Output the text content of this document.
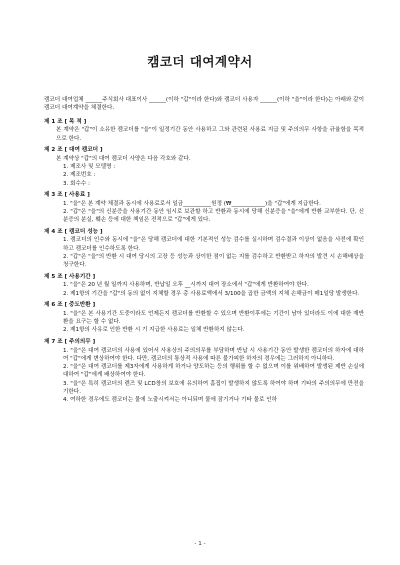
캠코더 대여계약서
캠코더 대여업체 ______주식회사 대표이사 ______(이하 "갑"이라 한다)와 캠코더 사용자 ______(이하 "을"이라 한다)는 아래와 같이 캠코더 대여계약을 체결한다.
제 1 조 [ 목 적 ]
본 계약은 "갑"이 소유한 캠코더를 "을"이 일정기간 동안 사용하고 그와 관련된 사용료 지급 및 주의의무 사항을 규율함을 목적으로 한다.
제 2 조 [ 대여 캠코더 ]
본 계약상 "갑"의 대여 캠코더 사양은 다음 각호와 같다.
1. 제조사 및 모델명 :
2. 제조번호 :
3. 회수수 :
제 3 조 [ 사용료 ]
1. "을"은 본 계약 체결과 동시에 사용료로서 일금__________원정 (₩____________)을 "갑"에게 지급한다.
2. "갑"은 "을"의 신분증을 사용기간 동안 임시로 보관할 하고 반환과 동시에 당해 신분증을 "을"에게 반환 교부한다. 단, 신분증의 분실, 훼손 등에 대한 책임은 전적으로 "갑"에게 있다.
제 4 조 [ 캠코더 성능 ]
1. 캠코더의 인수와 동시에 "을"은 당해 캠코더에 대한 기본적인 성능 검수를 실시하며 검수결과 이상이 없음을 사전에 확인하고 캠코더를 인수하도록 한다.
2. "갑"은 "을"의 반환 시 대여 당시의 고장 등 성능과 상이한 점이 없는 지를 검수하고 반환받고 하자의 발견 시 손해배상을 청구한다.
제 5 조 [ 사용기간 ]
1. "을"은 20 년 월 일까지 사용하며, 반납일 오후 __시까지 대여 장소에서 "갑"에게 반환하여야 한다.
2. 제1항의 기간을 "갑"의 동의 없이 지체할 경우 총 사용료액에서 3/100을 곱한 금액의 지체 손해금이 매1일당 발생한다.
제 6 조 [ 중도반환 ]
1. "을"은 본 사용기간 도중이라도 언제든지 캠코더를 반환할 수 있으며 반환이후에는 기간이 남아 있더라도 이에 대한 재반환을 요구는 할 수 없다.
2. 제1항의 사유로 인한 반환 시 기 지급한 사용료는 일체 반환하지 않는다.
제 7 조 [ 주의의무 ]
1. "을"은 대여 캠코더의 사용에 있어서 사용상의 주의의무를 부담하며 반납 시 사용기간 동안 발생한 캠코더의 하자에 대하여 "갑"에게 변상하여야 한다. 다만, 캠코더의 통상적 사용에 따른 불가피한 하자의 경우에는 그러하지 아니하다.
2. "을"은 대여 캠코더를 제3자에게 사용하게 하거나 양도하는 등의 행위를 할 수 없으며 이를 위배하여 발생된 제반 손실에 대하여 "갑"에게 배상하여야 한다.
3. "을"은 특히 캠코더의 렌즈 및 LCD창의 보호에 유의하여 흠집이 발생하지 않도록 하여야 하며 기타의 주의의무에 만전을 기한다.
4. 여하한 경우에도 캠코더는 물에 노출시켜서는 아니되며 물에 잠기거나 기타 물로 인하
- 1 -
